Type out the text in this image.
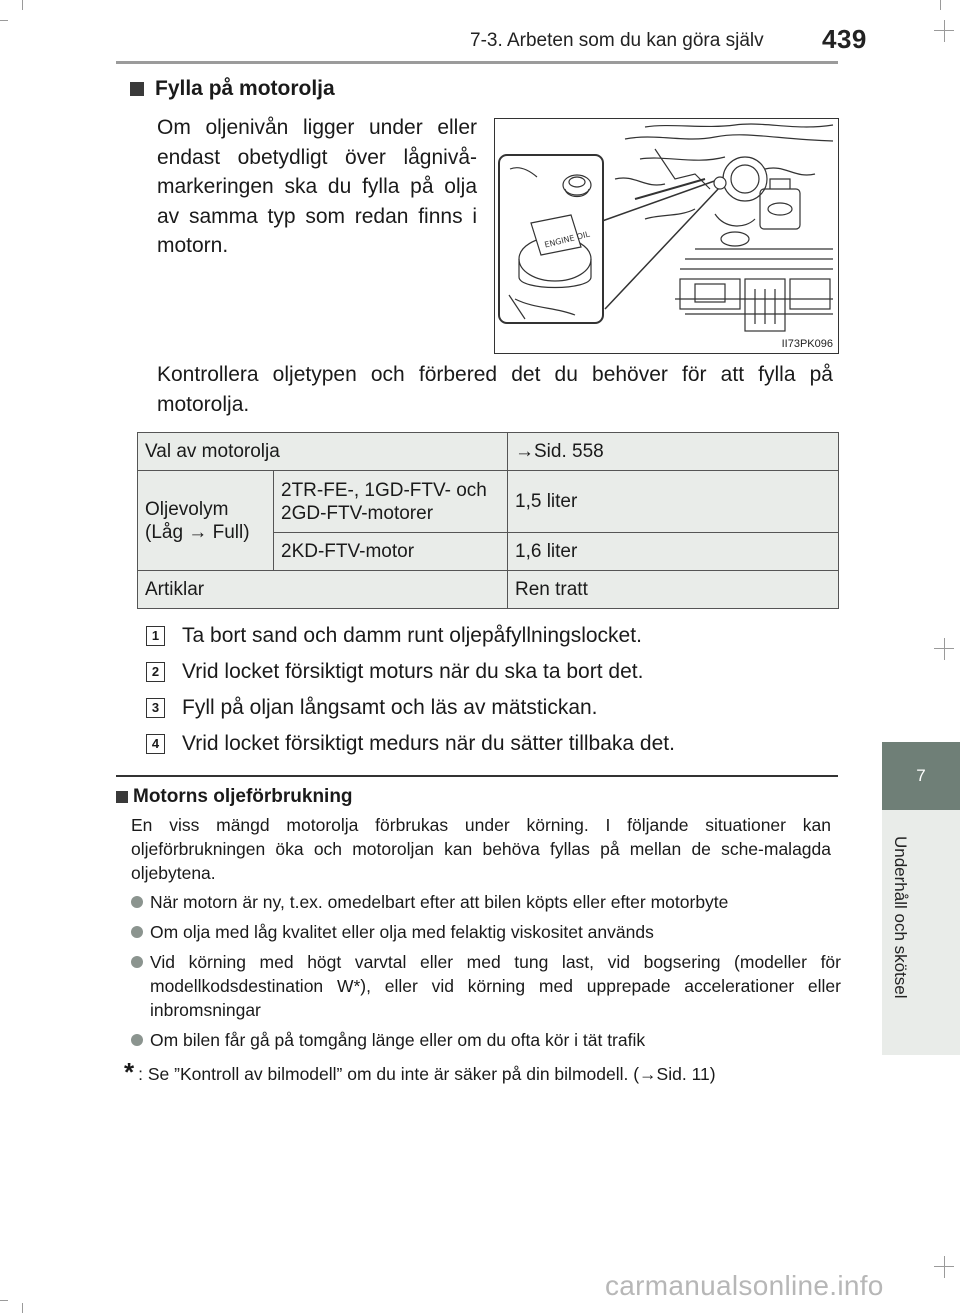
7-3. Arbeten som du kan göra själv 439
7
Underhåll och skötsel
Fylla på motorolja

Om oljenivån ligger under eller endast obetydligt över lågnivå-markeringen ska du fylla på olja av samma typ som redan finns i motorn.	ENGINE OIL
II73PK096

Kontrollera oljetypen och förbered det du behöver för att fylla på motorolja.

Val av motorolja		→Sid. 558
Oljevolym (Låg → Full)	2TR-FE-, 1GD-FTV- och 2GD-FTV-motorer	1,5 liter
	2KD-FTV-motor	1,6 liter
Artiklar		Ren tratt
1 Ta bort sand och damm runt oljepåfyllningslocket.
2 Vrid locket försiktigt moturs när du ska ta bort det.
3 Fyll på oljan långsamt och läs av mätstickan.
4 Vrid locket försiktigt medurs när du sätter tillbaka det.
Motorns oljeförbrukning

En viss mängd motorolja förbrukas under körning. I följande situationer kan oljeförbrukningen öka och motoroljan kan behöva fyllas på mellan de sche-malagda oljebytena.

När motorn är ny, t.ex. omedelbart efter att bilen köpts eller efter motorbyte
Om olja med låg kvalitet eller olja med felaktig viskositet används
Vid körning med högt varvtal eller med tung last, vid bogsering (modeller för modellkodsdestination W*), eller vid körning med upprepade accelerationer eller inbromsningar
Om bilen får gå på tomgång länge eller om du ofta kör i tät trafik
* : Se ”Kontroll av bilmodell” om du inte är säker på din bilmodell. (→Sid. 11)
carmanualsonline.info
